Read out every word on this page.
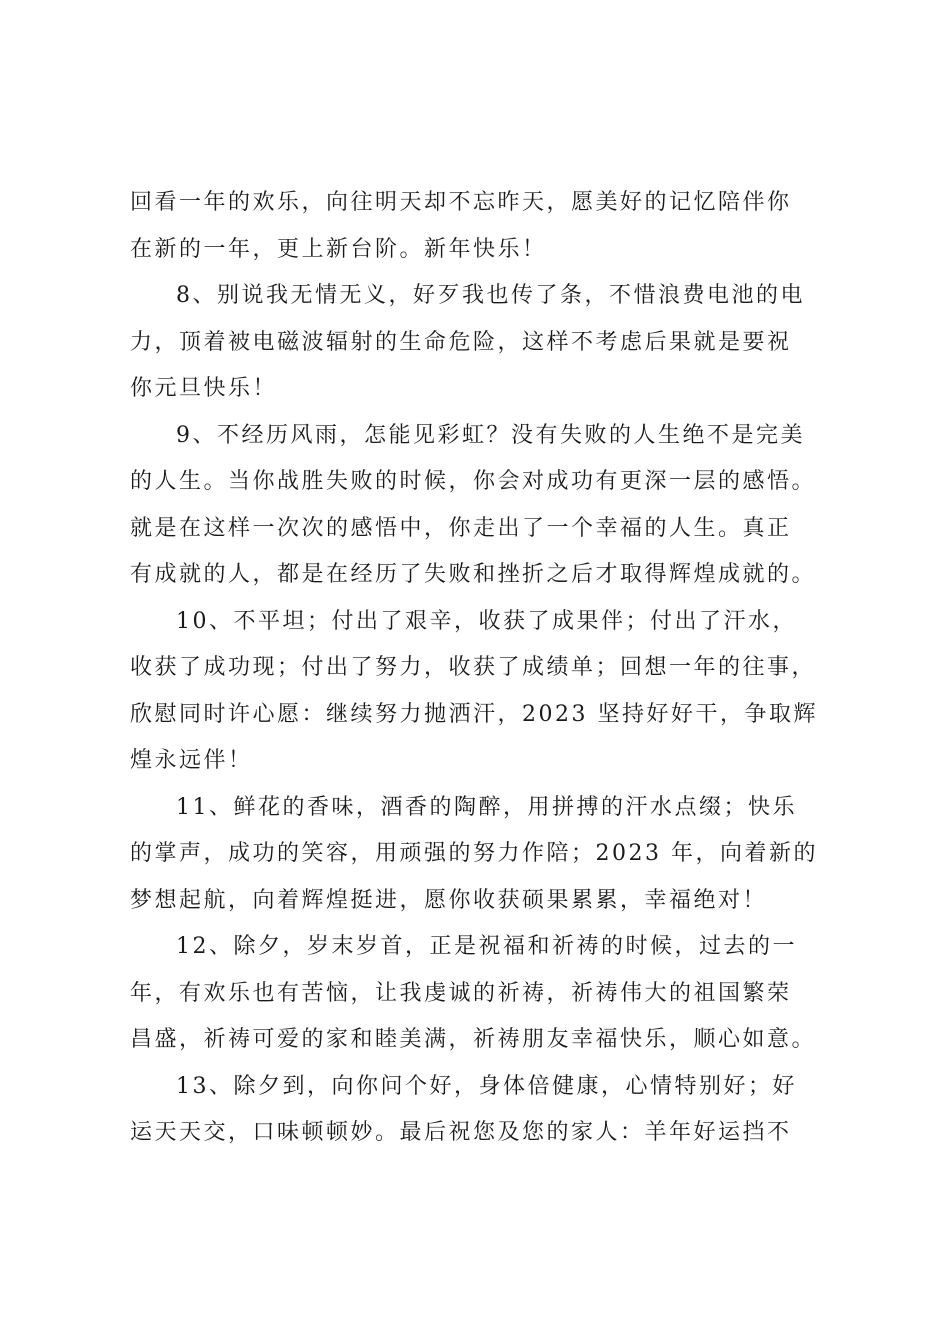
回看一年的欢乐，向往明天却不忘昨天，愿美好的记忆陪伴你
在新的一年，更上新台阶。新年快乐！
8、别说我无情无义，好歹我也传了条，不惜浪费电池的电
力，顶着被电磁波辐射的生命危险，这样不考虑后果就是要祝
你元旦快乐！
9、不经历风雨，怎能见彩虹？没有失败的人生绝不是完美
的人生。当你战胜失败的时候，你会对成功有更深一层的感悟。
就是在这样一次次的感悟中，你走出了一个幸福的人生。真正
有成就的人，都是在经历了失败和挫折之后才取得辉煌成就的。
10、不平坦；付出了艰辛，收获了成果伴；付出了汗水，
收获了成功现；付出了努力，收获了成绩单；回想一年的往事，
欣慰同时许心愿：继续努力抛洒汗，2023 坚持好好干，争取辉
煌永远伴！
11、鲜花的香味，酒香的陶醉，用拼搏的汗水点缀；快乐
的掌声，成功的笑容，用顽强的努力作陪；2023 年，向着新的
梦想起航，向着辉煌挺进，愿你收获硕果累累，幸福绝对！
12、除夕，岁末岁首，正是祝福和祈祷的时候，过去的一
年，有欢乐也有苦恼，让我虔诚的祈祷，祈祷伟大的祖国繁荣
昌盛，祈祷可爱的家和睦美满，祈祷朋友幸福快乐，顺心如意。
13、除夕到，向你问个好，身体倍健康，心情特别好；好
运天天交，口味顿顿妙。最后祝您及您的家人：羊年好运挡不
